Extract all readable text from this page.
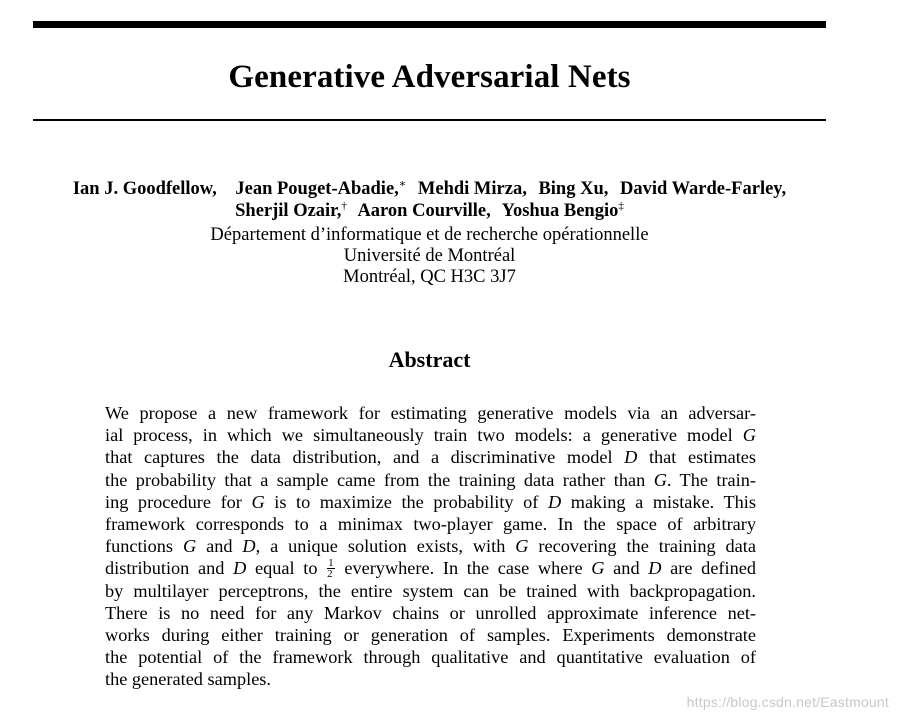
Generative Adversarial Nets
Ian J. Goodfellow, Jean Pouget-Abadie,∗ Mehdi Mirza, Bing Xu, David Warde-Farley,
Sherjil Ozair,† Aaron Courville, Yoshua Bengio‡
Département d’informatique et de recherche opérationnelle
Université de Montréal
Montréal, QC H3C 3J7
Abstract
We propose a new framework for estimating generative models via an adversar-
ial process, in which we simultaneously train two models: a generative model G
that captures the data distribution, and a discriminative model D that estimates
the probability that a sample came from the training data rather than G. The train-
ing procedure for G is to maximize the probability of D making a mistake. This
framework corresponds to a minimax two-player game. In the space of arbitrary
functions G and D, a unique solution exists, with G recovering the training data
distribution and D equal to $\frac{1}{2}$ everywhere. In the case where G and D are defined
by multilayer perceptrons, the entire system can be trained with backpropagation.
There is no need for any Markov chains or unrolled approximate inference net-
works during either training or generation of samples. Experiments demonstrate
the potential of the framework through qualitative and quantitative evaluation of
the generated samples.
https://blog.csdn.net/Eastmount
